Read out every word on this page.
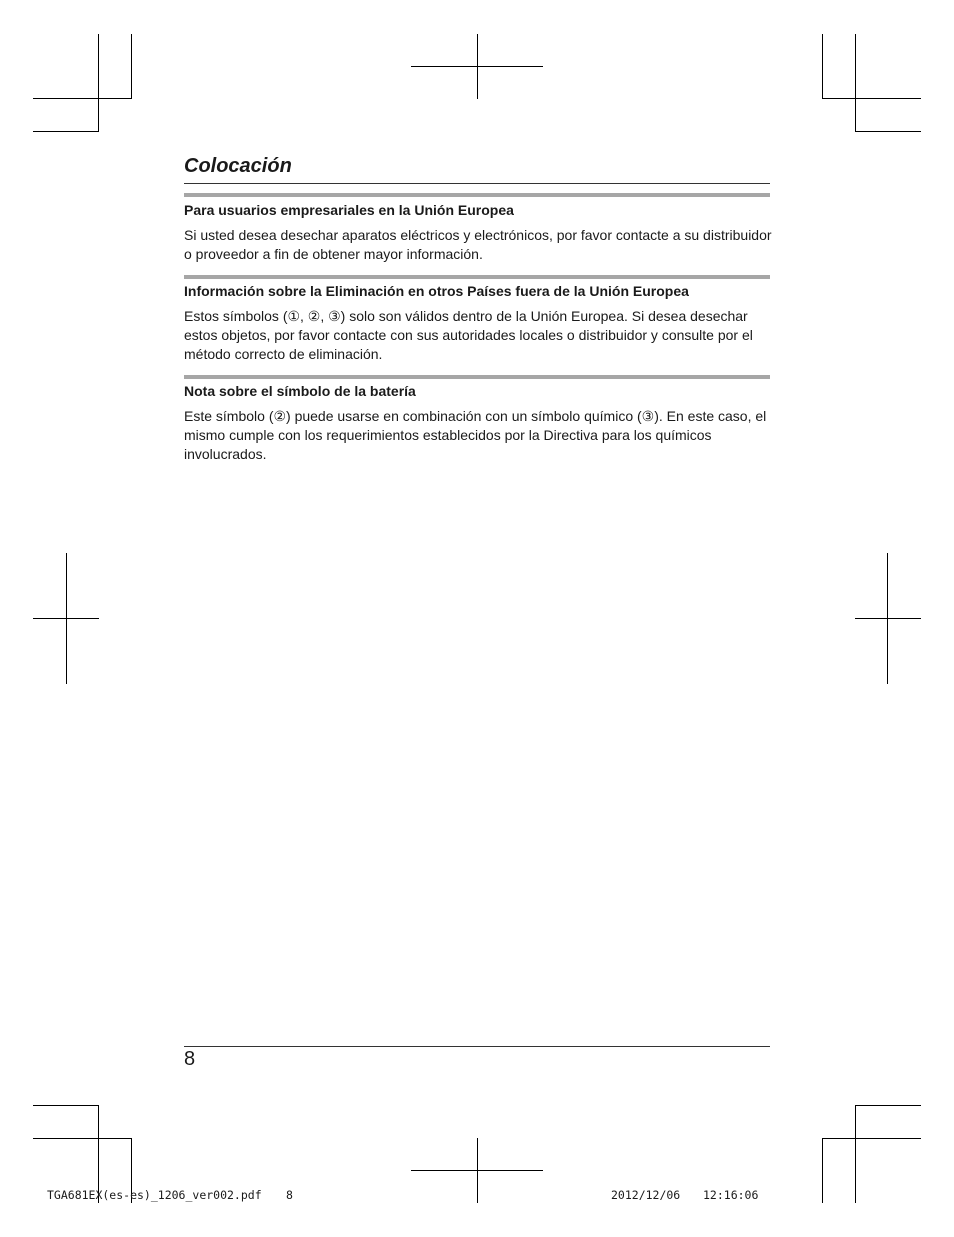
Colocación
Para usuarios empresariales en la Unión Europea

Si usted desea desechar aparatos eléctricos y electrónicos, por favor contacte a su distribuidor o proveedor a fin de obtener mayor información.

Información sobre la Eliminación en otros Países fuera de la Unión Europea

Estos símbolos (①, ②, ③) solo son válidos dentro de la Unión Europea. Si desea desechar estos objetos, por favor contacte con sus autoridades locales o distribuidor y consulte por el método correcto de eliminación.

Nota sobre el símbolo de la batería

Este símbolo (②) puede usarse en combinación con un símbolo químico (③). En este caso, el mismo cumple con los requerimientos establecidos por la Directiva para los químicos involucrados.

8
TGA681EX(es-es)_1206_ver002.pdf 8	2012/12/06 12:16:06
